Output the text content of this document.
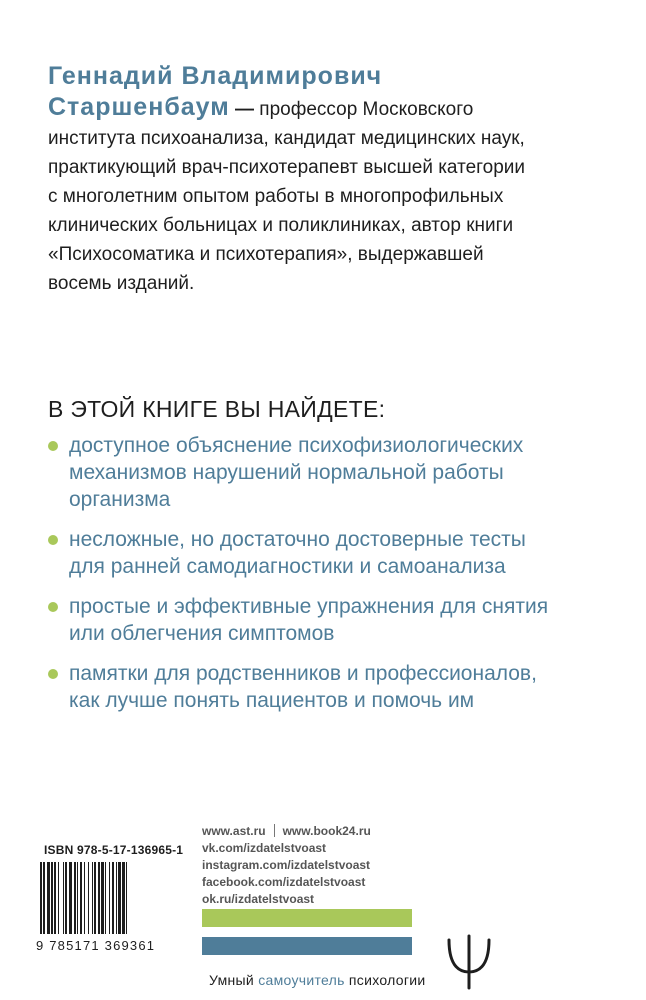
Геннадий Владимирович
Старшенбаум — профессор Московского
института психоанализа, кандидат медицинских наук,
практикующий врач-психотерапевт высшей категории
с многолетним опытом работы в многопрофильных
клинических больницах и поликлиниках, автор книги
«Психосоматика и психотерапия», выдержавшей
восемь изданий.
В ЭТОЙ КНИГЕ ВЫ НАЙДЕТЕ:
доступное объяснение психофизиологических
механизмов нарушений нормальной работы
организма
несложные, но достаточно достоверные тесты
для ранней самодиагностики и самоанализа
простые и эффективные упражнения для снятия
или облегчения симптомов
памятки для родственников и профессионалов,
как лучше понять пациентов и помочь им
ISBN 978-5-17-136965-1
9 785171 369361
www.ast.ru www.book24.ru
vk.com/izdatelstvoast
instagram.com/izdatelstvoast
facebook.com/izdatelstvoast
ok.ru/izdatelstvoast
Умный самоучитель психологии
